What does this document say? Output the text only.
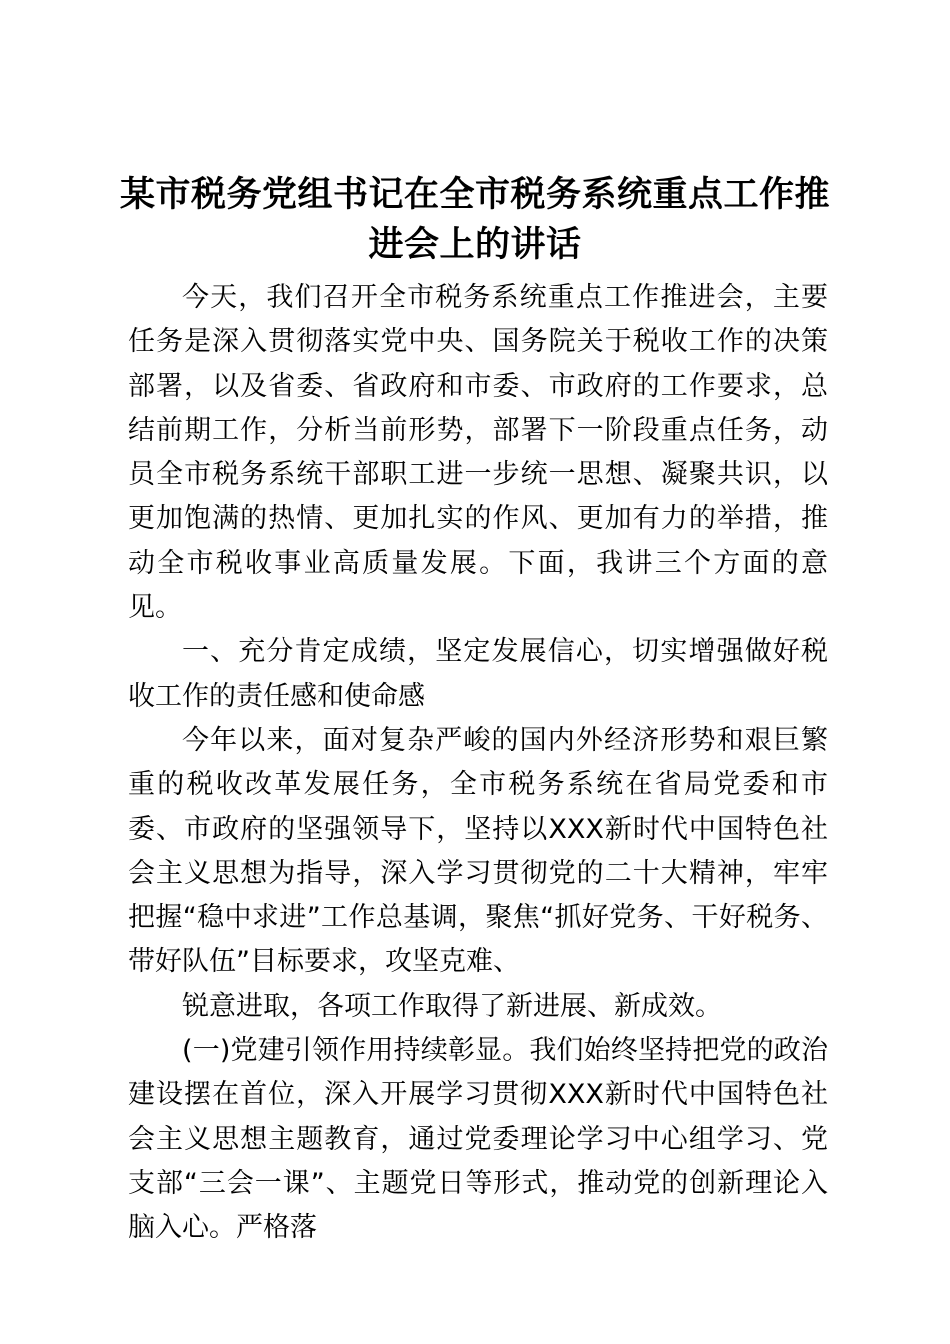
某市税务党组书记在全市税务系统重点工作推进会上的讲话

今天，我们召开全市税务系统重点工作推进会，主要任务是深入贯彻落实党中央、国务院关于税收工作的决策部署，以及省委、省政府和市委、市政府的工作要求，总结前期工作，分析当前形势，部署下一阶段重点任务，动员全市税务系统干部职工进一步统一思想、凝聚共识，以更加饱满的热情、更加扎实的作风、更加有力的举措，推动全市税收事业高质量发展。下面，我讲三个方面的意见。

一、充分肯定成绩，坚定发展信心，切实增强做好税收工作的责任感和使命感

今年以来，面对复杂严峻的国内外经济形势和艰巨繁重的税收改革发展任务，全市税务系统在省局党委和市委、市政府的坚强领导下，坚持以XXX新时代中国特色社会主义思想为指导，深入学习贯彻党的二十大精神，牢牢把握“稳中求进”工作总基调，聚焦“抓好党务、干好税务、带好队伍”目标要求，攻坚克难、

锐意进取，各项工作取得了新进展、新成效。

(一)党建引领作用持续彰显。我们始终坚持把党的政治建设摆在首位，深入开展学习贯彻XXX新时代中国特色社会主义思想主题教育，通过党委理论学习中心组学习、党支部“三会一课”、主题党日等形式，推动党的创新理论入脑入心。严格落
